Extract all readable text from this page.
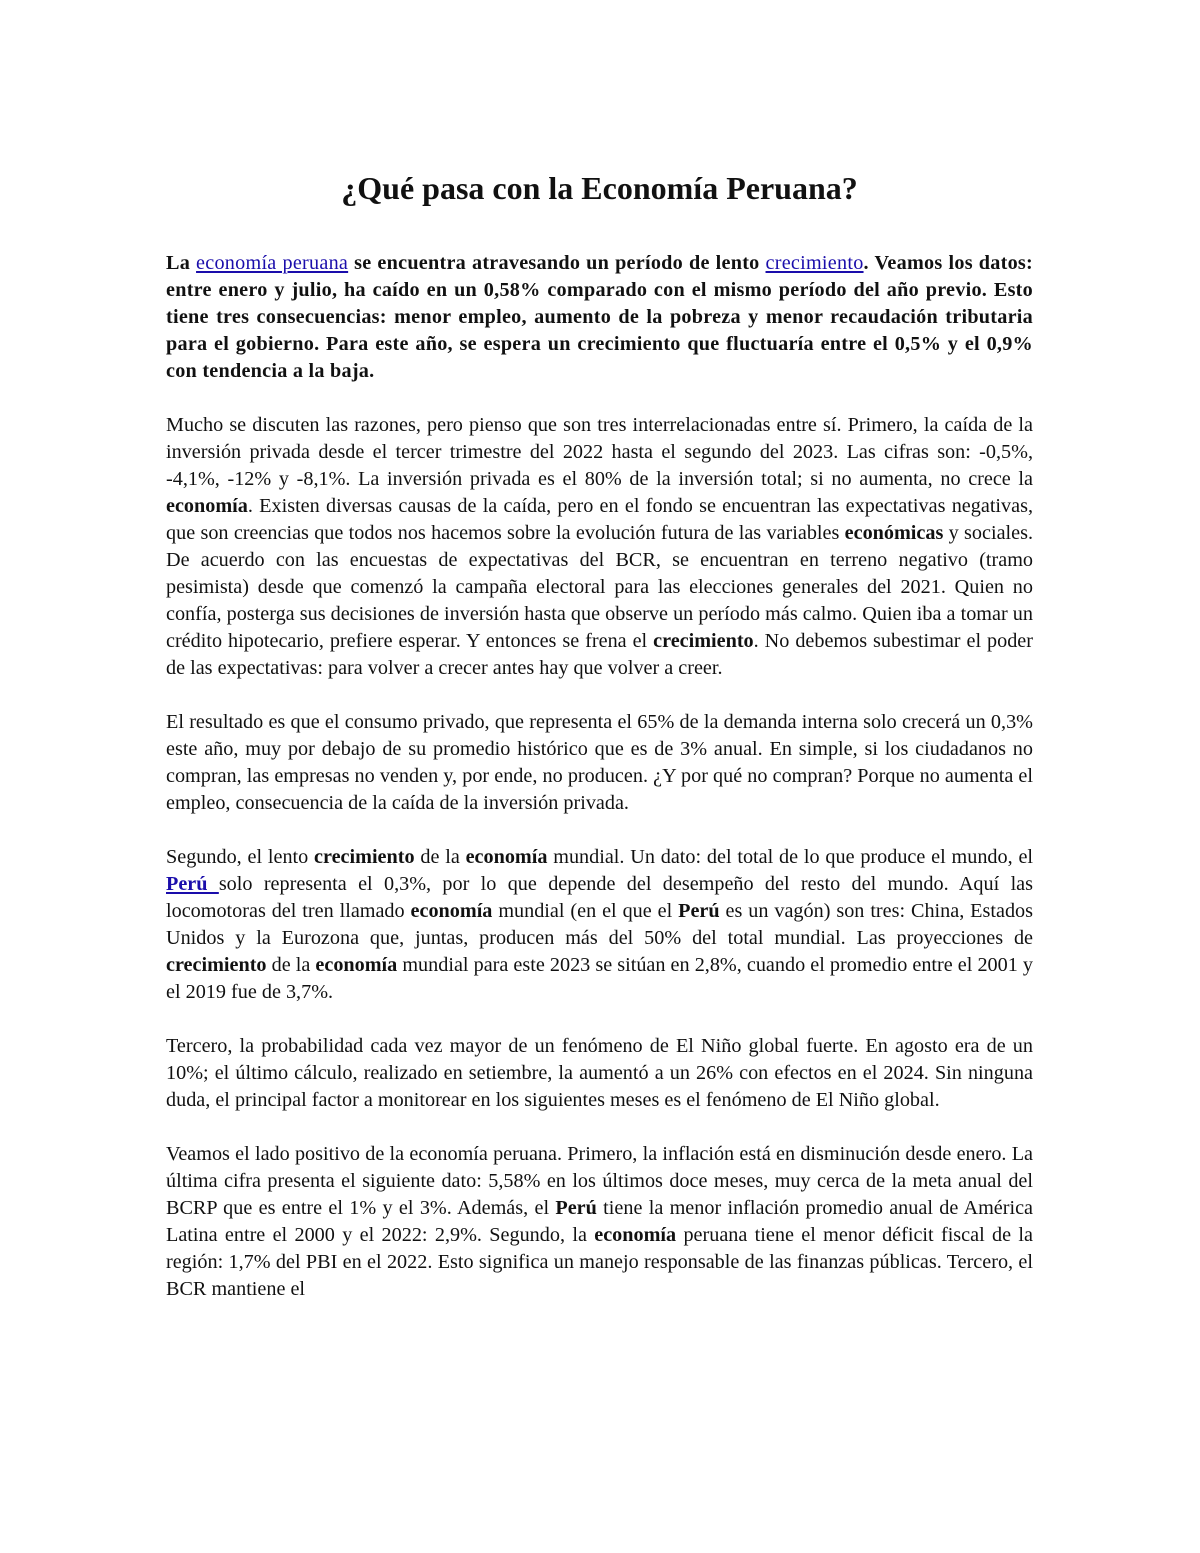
¿Qué pasa con la Economía Peruana?

La economía peruana se encuentra atravesando un período de lento crecimiento. Veamos los datos: entre enero y julio, ha caído en un 0,58% comparado con el mismo período del año previo. Esto tiene tres consecuencias: menor empleo, aumento de la pobreza y menor recaudación tributaria para el gobierno. Para este año, se espera un crecimiento que fluctuaría entre el 0,5% y el 0,9% con tendencia a la baja.

Mucho se discuten las razones, pero pienso que son tres interrelacionadas entre sí. Primero, la caída de la inversión privada desde el tercer trimestre del 2022 hasta el segundo del 2023. Las cifras son: -0,5%, -4,1%, -12% y -8,1%. La inversión privada es el 80% de la inversión total; si no aumenta, no crece la economía. Existen diversas causas de la caída, pero en el fondo se encuentran las expectativas negativas, que son creencias que todos nos hacemos sobre la evolución futura de las variables económicas y sociales. De acuerdo con las encuestas de expectativas del BCR, se encuentran en terreno negativo (tramo pesimista) desde que comenzó la campaña electoral para las elecciones generales del 2021. Quien no confía, posterga sus decisiones de inversión hasta que observe un período más calmo. Quien iba a tomar un crédito hipotecario, prefiere esperar. Y entonces se frena el crecimiento. No debemos subestimar el poder de las expectativas: para volver a crecer antes hay que volver a creer.

El resultado es que el consumo privado, que representa el 65% de la demanda interna solo crecerá un 0,3% este año, muy por debajo de su promedio histórico que es de 3% anual. En simple, si los ciudadanos no compran, las empresas no venden y, por ende, no producen. ¿Y por qué no compran? Porque no aumenta el empleo, consecuencia de la caída de la inversión privada.

Segundo, el lento crecimiento de la economía mundial. Un dato: del total de lo que produce el mundo, el Perú solo representa el 0,3%, por lo que depende del desempeño del resto del mundo. Aquí las locomotoras del tren llamado economía mundial (en el que el Perú es un vagón) son tres: China, Estados Unidos y la Eurozona que, juntas, producen más del 50% del total mundial. Las proyecciones de crecimiento de la economía mundial para este 2023 se sitúan en 2,8%, cuando el promedio entre el 2001 y el 2019 fue de 3,7%.

Tercero, la probabilidad cada vez mayor de un fenómeno de El Niño global fuerte. En agosto era de un 10%; el último cálculo, realizado en setiembre, la aumentó a un 26% con efectos en el 2024. Sin ninguna duda, el principal factor a monitorear en los siguientes meses es el fenómeno de El Niño global.

Veamos el lado positivo de la economía peruana. Primero, la inflación está en disminución desde enero. La última cifra presenta el siguiente dato: 5,58% en los últimos doce meses, muy cerca de la meta anual del BCRP que es entre el 1% y el 3%. Además, el Perú tiene la menor inflación promedio anual de América Latina entre el 2000 y el 2022: 2,9%. Segundo, la economía peruana tiene el menor déficit fiscal de la región: 1,7% del PBI en el 2022. Esto significa un manejo responsable de las finanzas públicas. Tercero, el BCR mantiene el
